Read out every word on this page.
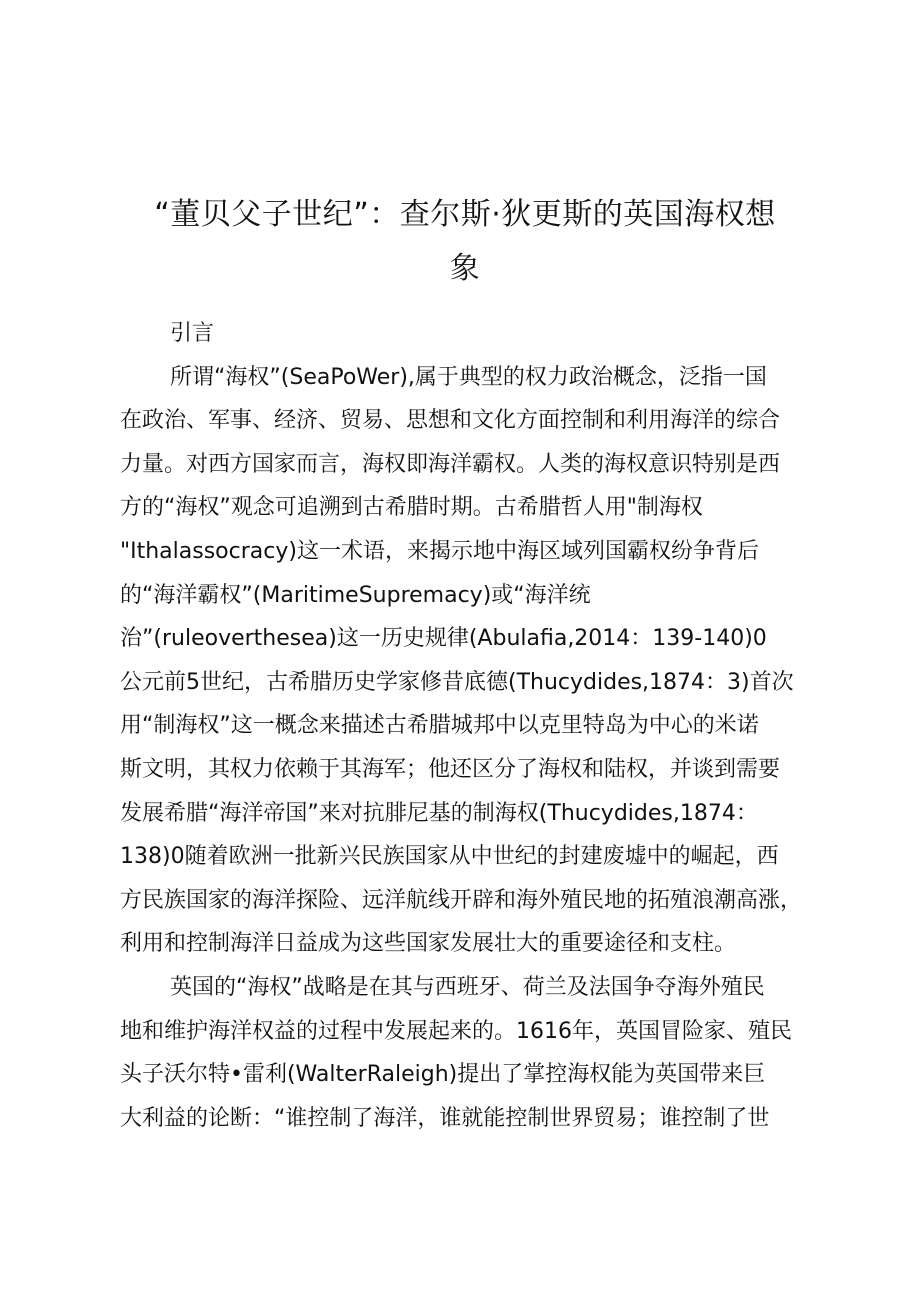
“董贝父子世纪”：查尔斯·狄更斯的英国海权想
象
引言
所谓“海权”(SeaPoWer),属于典型的权力政治概念，泛指一国
在政治、军事、经济、贸易、思想和文化方面控制和利用海洋的综合
力量。对西方国家而言，海权即海洋霸权。人类的海权意识特别是西
方的“海权”观念可追溯到古希腊时期。古希腊哲人用"制海权
"Ithalassocracy)这一术语，来揭示地中海区域列国霸权纷争背后
的“海洋霸权”(MaritimeSupremacy)或“海洋统
治”(ruleoverthesea)这一历史规律(Abulafia,2014：139-140)0
公元前5世纪，古希腊历史学家修昔底德(Thucydides,1874：3)首次
用“制海权”这一概念来描述古希腊城邦中以克里特岛为中心的米诺
斯文明，其权力依赖于其海军；他还区分了海权和陆权，并谈到需要
发展希腊“海洋帝国”来对抗腓尼基的制海权(Thucydides,1874：
138)0随着欧洲一批新兴民族国家从中世纪的封建废墟中的崛起，西
方民族国家的海洋探险、远洋航线开辟和海外殖民地的拓殖浪潮高涨，
利用和控制海洋日益成为这些国家发展壮大的重要途径和支柱。
英国的“海权”战略是在其与西班牙、荷兰及法国争夺海外殖民
地和维护海洋权益的过程中发展起来的。1616年，英国冒险家、殖民
头子沃尔特•雷利(WalterRaleigh)提出了掌控海权能为英国带来巨
大利益的论断：“谁控制了海洋，谁就能控制世界贸易；谁控制了世
